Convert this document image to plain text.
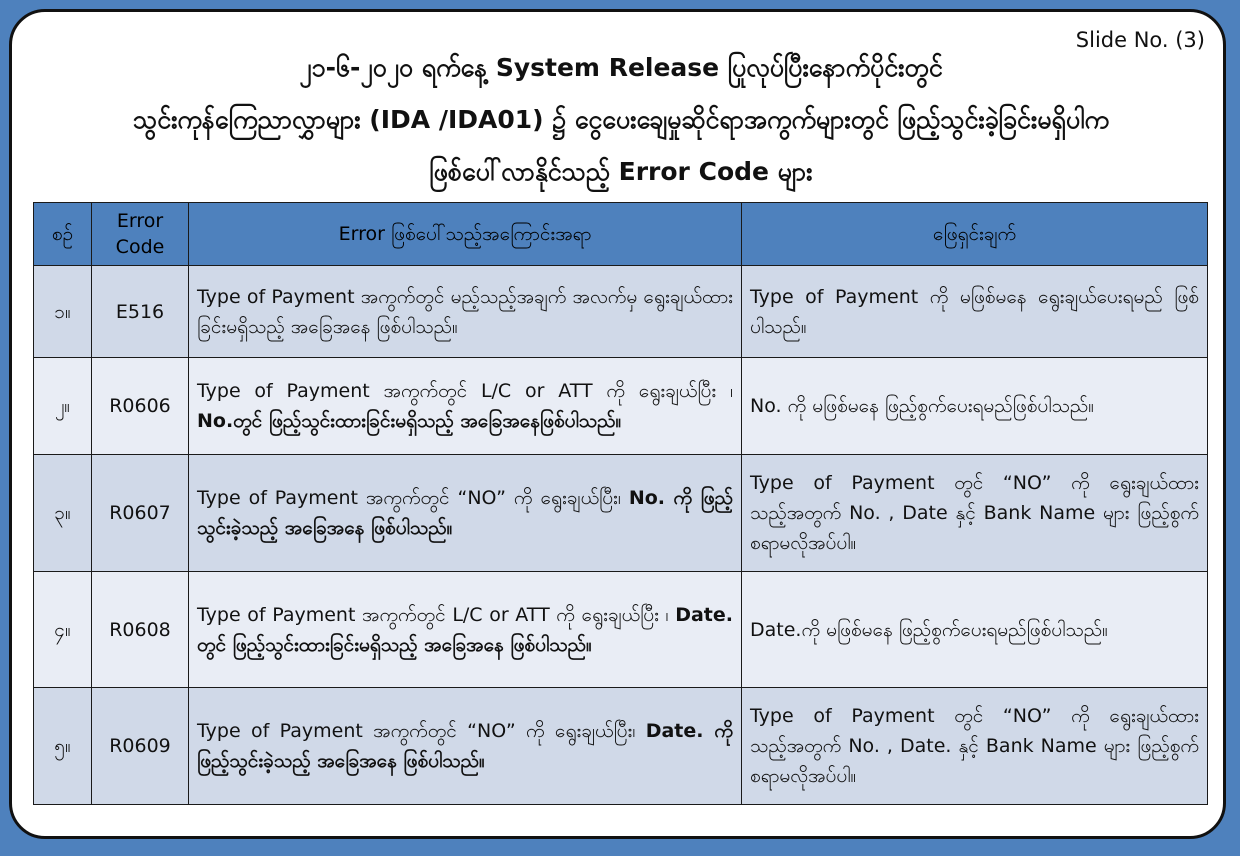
Slide No. (3)
၂၁-၆-၂၀၂၀ ရက်နေ့ System Release ပြုလုပ်ပြီးနောက်ပိုင်းတွင်
သွင်းကုန်ကြေညာလွှာများ (IDA /IDA01) ၌ ငွေပေးချေမှုဆိုင်ရာအကွက်များတွင် ဖြည့်သွင်းခဲ့ခြင်းမရှိပါက
ဖြစ်ပေါ်လာနိုင်သည့် Error Code များ
စဉ်	Error Code	Error ဖြစ်ပေါ်သည့်အကြောင်းအရာ	ဖြေရှင်းချက်
၁။	E516	Type of Payment အကွက်တွင် မည့်သည့်အချက် အလက်မှ ရွေးချယ်ထားခြင်းမရှိသည့် အခြေအနေ ဖြစ်ပါသည်။	Type of Payment ကို မဖြစ်မနေ ရွေးချယ်ပေးရမည် ဖြစ်ပါသည်။
၂။	R0606	Type of Payment အကွက်တွင် L/C or ATT ကို ရွေးချယ်ပြီး ၊ No.တွင် ဖြည့်သွင်းထားခြင်းမရှိသည့် အခြေအနေဖြစ်ပါသည်။	No. ကို မဖြစ်မနေ ဖြည့်စွက်ပေးရမည်ဖြစ်ပါသည်။
၃။	R0607	Type of Payment အကွက်တွင် “NO” ကို ရွေးချယ်ပြီး၊ No. ကို ဖြည့်သွင်းခဲ့သည့် အခြေအနေ ဖြစ်ပါသည်။	Type of Payment တွင် “NO” ကို ရွေးချယ်ထားသည့်အတွက် No. , Date နှင့် Bank Name များ ဖြည့်စွက်စရာမလိုအပ်ပါ။
၄။	R0608	Type of Payment အကွက်တွင် L/C or ATT ကို ရွေးချယ်ပြီး ၊ Date. တွင် ဖြည့်သွင်းထားခြင်းမရှိသည့် အခြေအနေ ဖြစ်ပါသည်။	Date.ကို မဖြစ်မနေ ဖြည့်စွက်ပေးရမည်ဖြစ်ပါသည်။
၅။	R0609	Type of Payment အကွက်တွင် “NO” ကို ရွေးချယ်ပြီး၊ Date. ကို ဖြည့်သွင်းခဲ့သည့် အခြေအနေ ဖြစ်ပါသည်။	Type of Payment တွင် “NO” ကို ရွေးချယ်ထားသည့်အတွက် No. , Date. နှင့် Bank Name များ ဖြည့်စွက်စရာမလိုအပ်ပါ။
